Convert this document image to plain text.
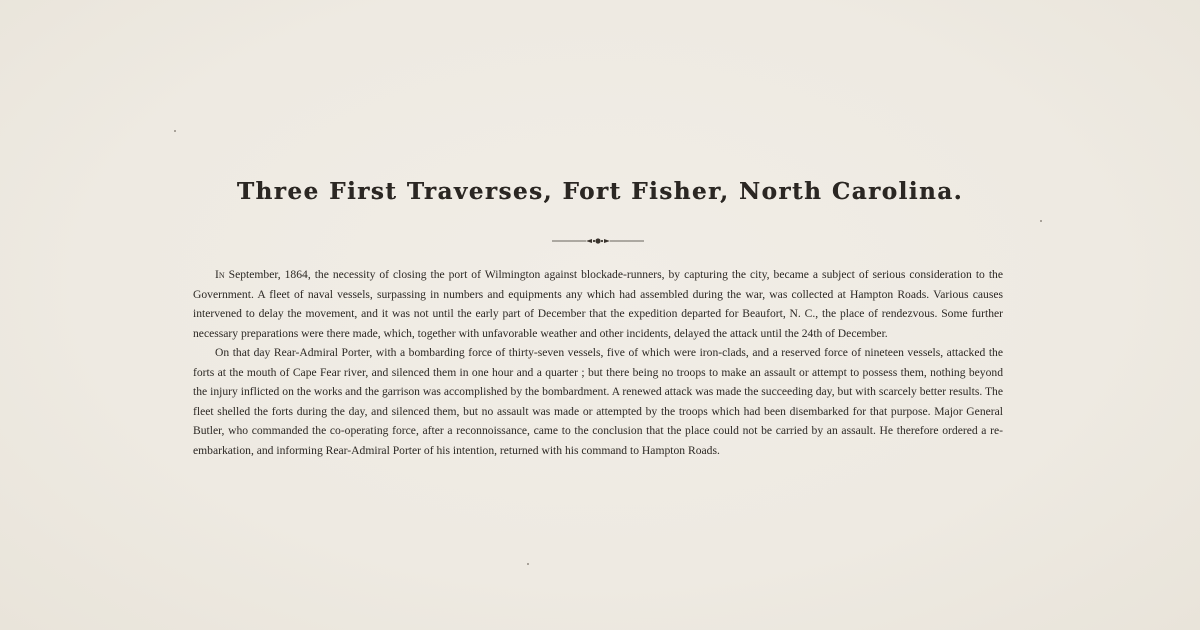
Three First Traverses, Fort Fisher, North Carolina.

In September, 1864, the necessity of closing the port of Wilmington against blockade-runners, by capturing the city, became a subject of serious consideration to the Government. A fleet of naval vessels, surpassing in numbers and equipments any which had assembled during the war, was collected at Hampton Roads. Various causes intervened to delay the movement, and it was not until the early part of December that the expedition departed for Beaufort, N. C., the place of rendezvous. Some further necessary preparations were there made, which, together with unfavorable weather and other incidents, delayed the attack until the 24th of December.

On that day Rear-Admiral Porter, with a bombarding force of thirty-seven vessels, five of which were iron-clads, and a reserved force of nineteen vessels, attacked the forts at the mouth of Cape Fear river, and silenced them in one hour and a quarter ; but there being no troops to make an assault or attempt to possess them, nothing beyond the injury inflicted on the works and the garrison was accomplished by the bombardment. A renewed attack was made the succeeding day, but with scarcely better results. The fleet shelled the forts during the day, and silenced them, but no assault was made or attempted by the troops which had been disembarked for that purpose. Major General Butler, who commanded the co-operating force, after a reconnoissance, came to the conclusion that the place could not be carried by an assault. He therefore ordered a re-embarkation, and informing Rear-Admiral Porter of his intention, returned with his command to Hampton Roads.
